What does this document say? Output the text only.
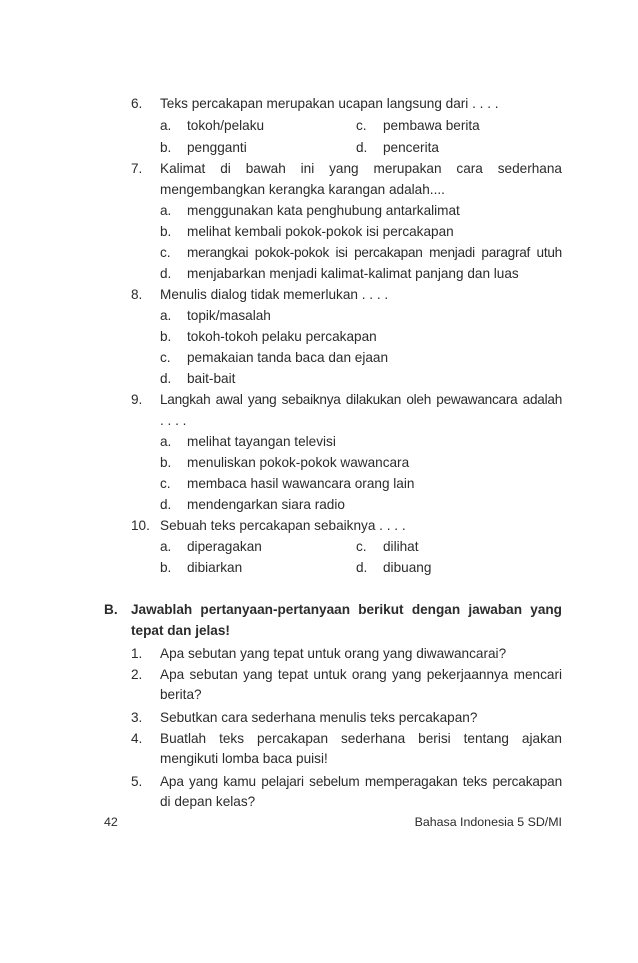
6. Teks percakapan merupakan ucapan langsung dari . . . .
a. tokoh/pelaku
b. pengganti
c. pembawa berita
d. pencerita
7. Kalimat di bawah ini yang merupakan cara sederhana
mengembangkan kerangka karangan adalah....
a. menggunakan kata penghubung antarkalimat
b. melihat kembali pokok-pokok isi percakapan
c. merangkai pokok-pokok isi percakapan menjadi paragraf utuh
d. menjabarkan menjadi kalimat-kalimat panjang dan luas
8. Menulis dialog tidak memerlukan . . . .
a. topik/masalah
b. tokoh-tokoh pelaku percakapan
c. pemakaian tanda baca dan ejaan
d. bait-bait
9. Langkah awal yang sebaiknya dilakukan oleh pewawancara adalah
. . . .
a. melihat tayangan televisi
b. menuliskan pokok-pokok wawancara
c. membaca hasil wawancara orang lain
d. mendengarkan siara radio
10. Sebuah teks percakapan sebaiknya . . . .
a. diperagakan
b. dibiarkan
c. dilihat
d. dibuang
B. Jawablah pertanyaan-pertanyaan berikut dengan jawaban yang
tepat dan jelas!
1. Apa sebutan yang tepat untuk orang yang diwawancarai?
2. Apa sebutan yang tepat untuk orang yang pekerjaannya mencari
berita?
3. Sebutkan cara sederhana menulis teks percakapan?
4. Buatlah teks percakapan sederhana berisi tentang ajakan
mengikuti lomba baca puisi!
5. Apa yang kamu pelajari sebelum memperagakan teks percakapan
di depan kelas?
42	Bahasa Indonesia 5 SD/MI
